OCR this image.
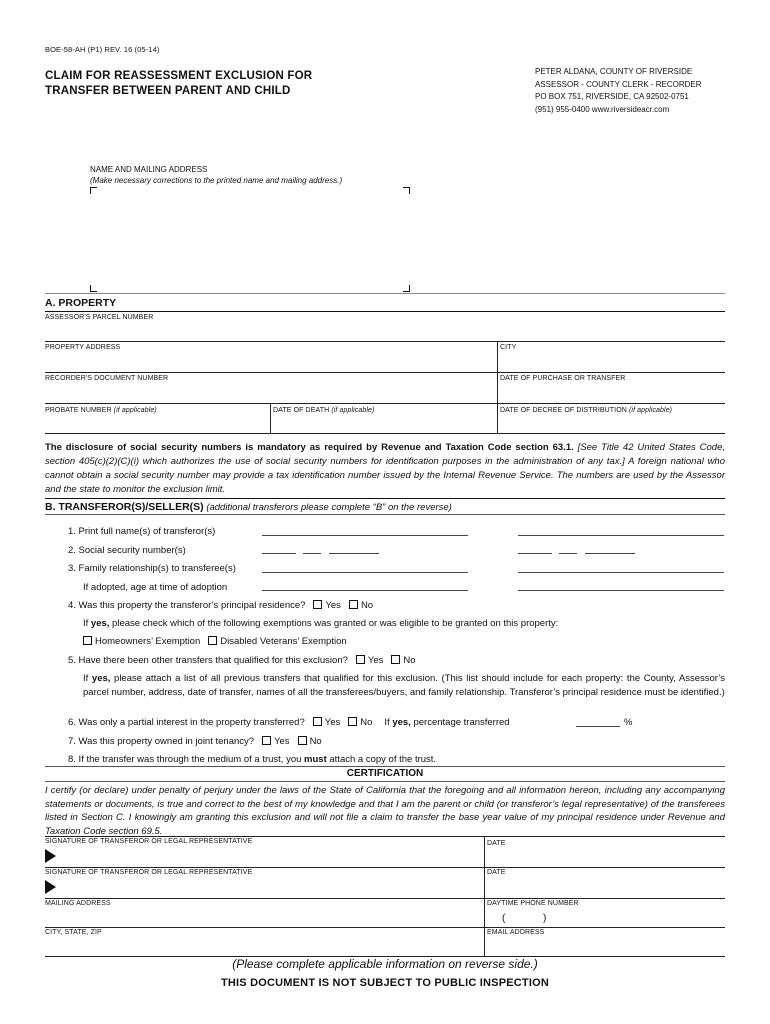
BOE-58-AH (P1) REV. 16 (05-14)
CLAIM FOR REASSESSMENT EXCLUSION FOR
TRANSFER BETWEEN PARENT AND CHILD
PETER ALDANA, COUNTY OF RIVERSIDE
ASSESSOR - COUNTY CLERK - RECORDER
PO BOX 751, RIVERSIDE, CA 92502-0751
(951) 955-0400 www.riversideacr.com
NAME AND MAILING ADDRESS
(Make necessary corrections to the printed name and mailing address.)
A. PROPERTY
ASSESSOR'S PARCEL NUMBER
PROPERTY ADDRESS	CITY
RECORDER'S DOCUMENT NUMBER	DATE OF PURCHASE OR TRANSFER
PROBATE NUMBER (if applicable)	DATE OF DEATH (if applicable)	DATE OF DECREE OF DISTRIBUTION (if applicable)
The disclosure of social security numbers is mandatory as required by Revenue and Taxation Code section 63.1. [See Title 42 United States Code, section 405(c)(2)(C)(i) which authorizes the use of social security numbers for identification purposes in the administration of any tax.] A foreign national who cannot obtain a social security number may provide a tax identification number issued by the Internal Revenue Service. The numbers are used by the Assessor and the state to monitor the exclusion limit.
B. TRANSFEROR(S)/SELLER(S) (additional transferors please complete “B” on the reverse)
1. Print full name(s) of transferor(s)
2. Social security number(s)
3. Family relationship(s) to transferee(s)
If adopted, age at time of adoption
4. Was this property the transferor’s principal residence? Yes No
If yes, please check which of the following exemptions was granted or was eligible to be granted on this property:
Homeowners’ Exemption Disabled Veterans’ Exemption
5. Have there been other transfers that qualified for this exclusion? Yes No
If yes, please attach a list of all previous transfers that qualified for this exclusion. (This list should include for each property: the County, Assessor’s parcel number, address, date of transfer, names of all the transferees/buyers, and family relationship. Transferor’s principal residence must be identified.)
6. Was only a partial interest in the property transferred? Yes No If yes, percentage transferred	%
7. Was this property owned in joint tenancy? Yes No
8. If the transfer was through the medium of a trust, you must attach a copy of the trust.
CERTIFICATION
I certify (or declare) under penalty of perjury under the laws of the State of California that the foregoing and all information hereon, including any accompanying statements or documents, is true and correct to the best of my knowledge and that I am the parent or child (or transferor’s legal representative) of the transferees listed in Section C. I knowingly am granting this exclusion and will not file a claim to transfer the base year value of my principal residence under Revenue and Taxation Code section 69.5.
SIGNATURE OF TRANSFEROR OR LEGAL REPRESENTATIVE	DATE
SIGNATURE OF TRANSFEROR OR LEGAL REPRESENTATIVE	DATE
MAILING ADDRESS	DAYTIME PHONE NUMBER
(	)
CITY, STATE, ZIP	EMAIL ADDRESS
(Please complete applicable information on reverse side.)
THIS DOCUMENT IS NOT SUBJECT TO PUBLIC INSPECTION
